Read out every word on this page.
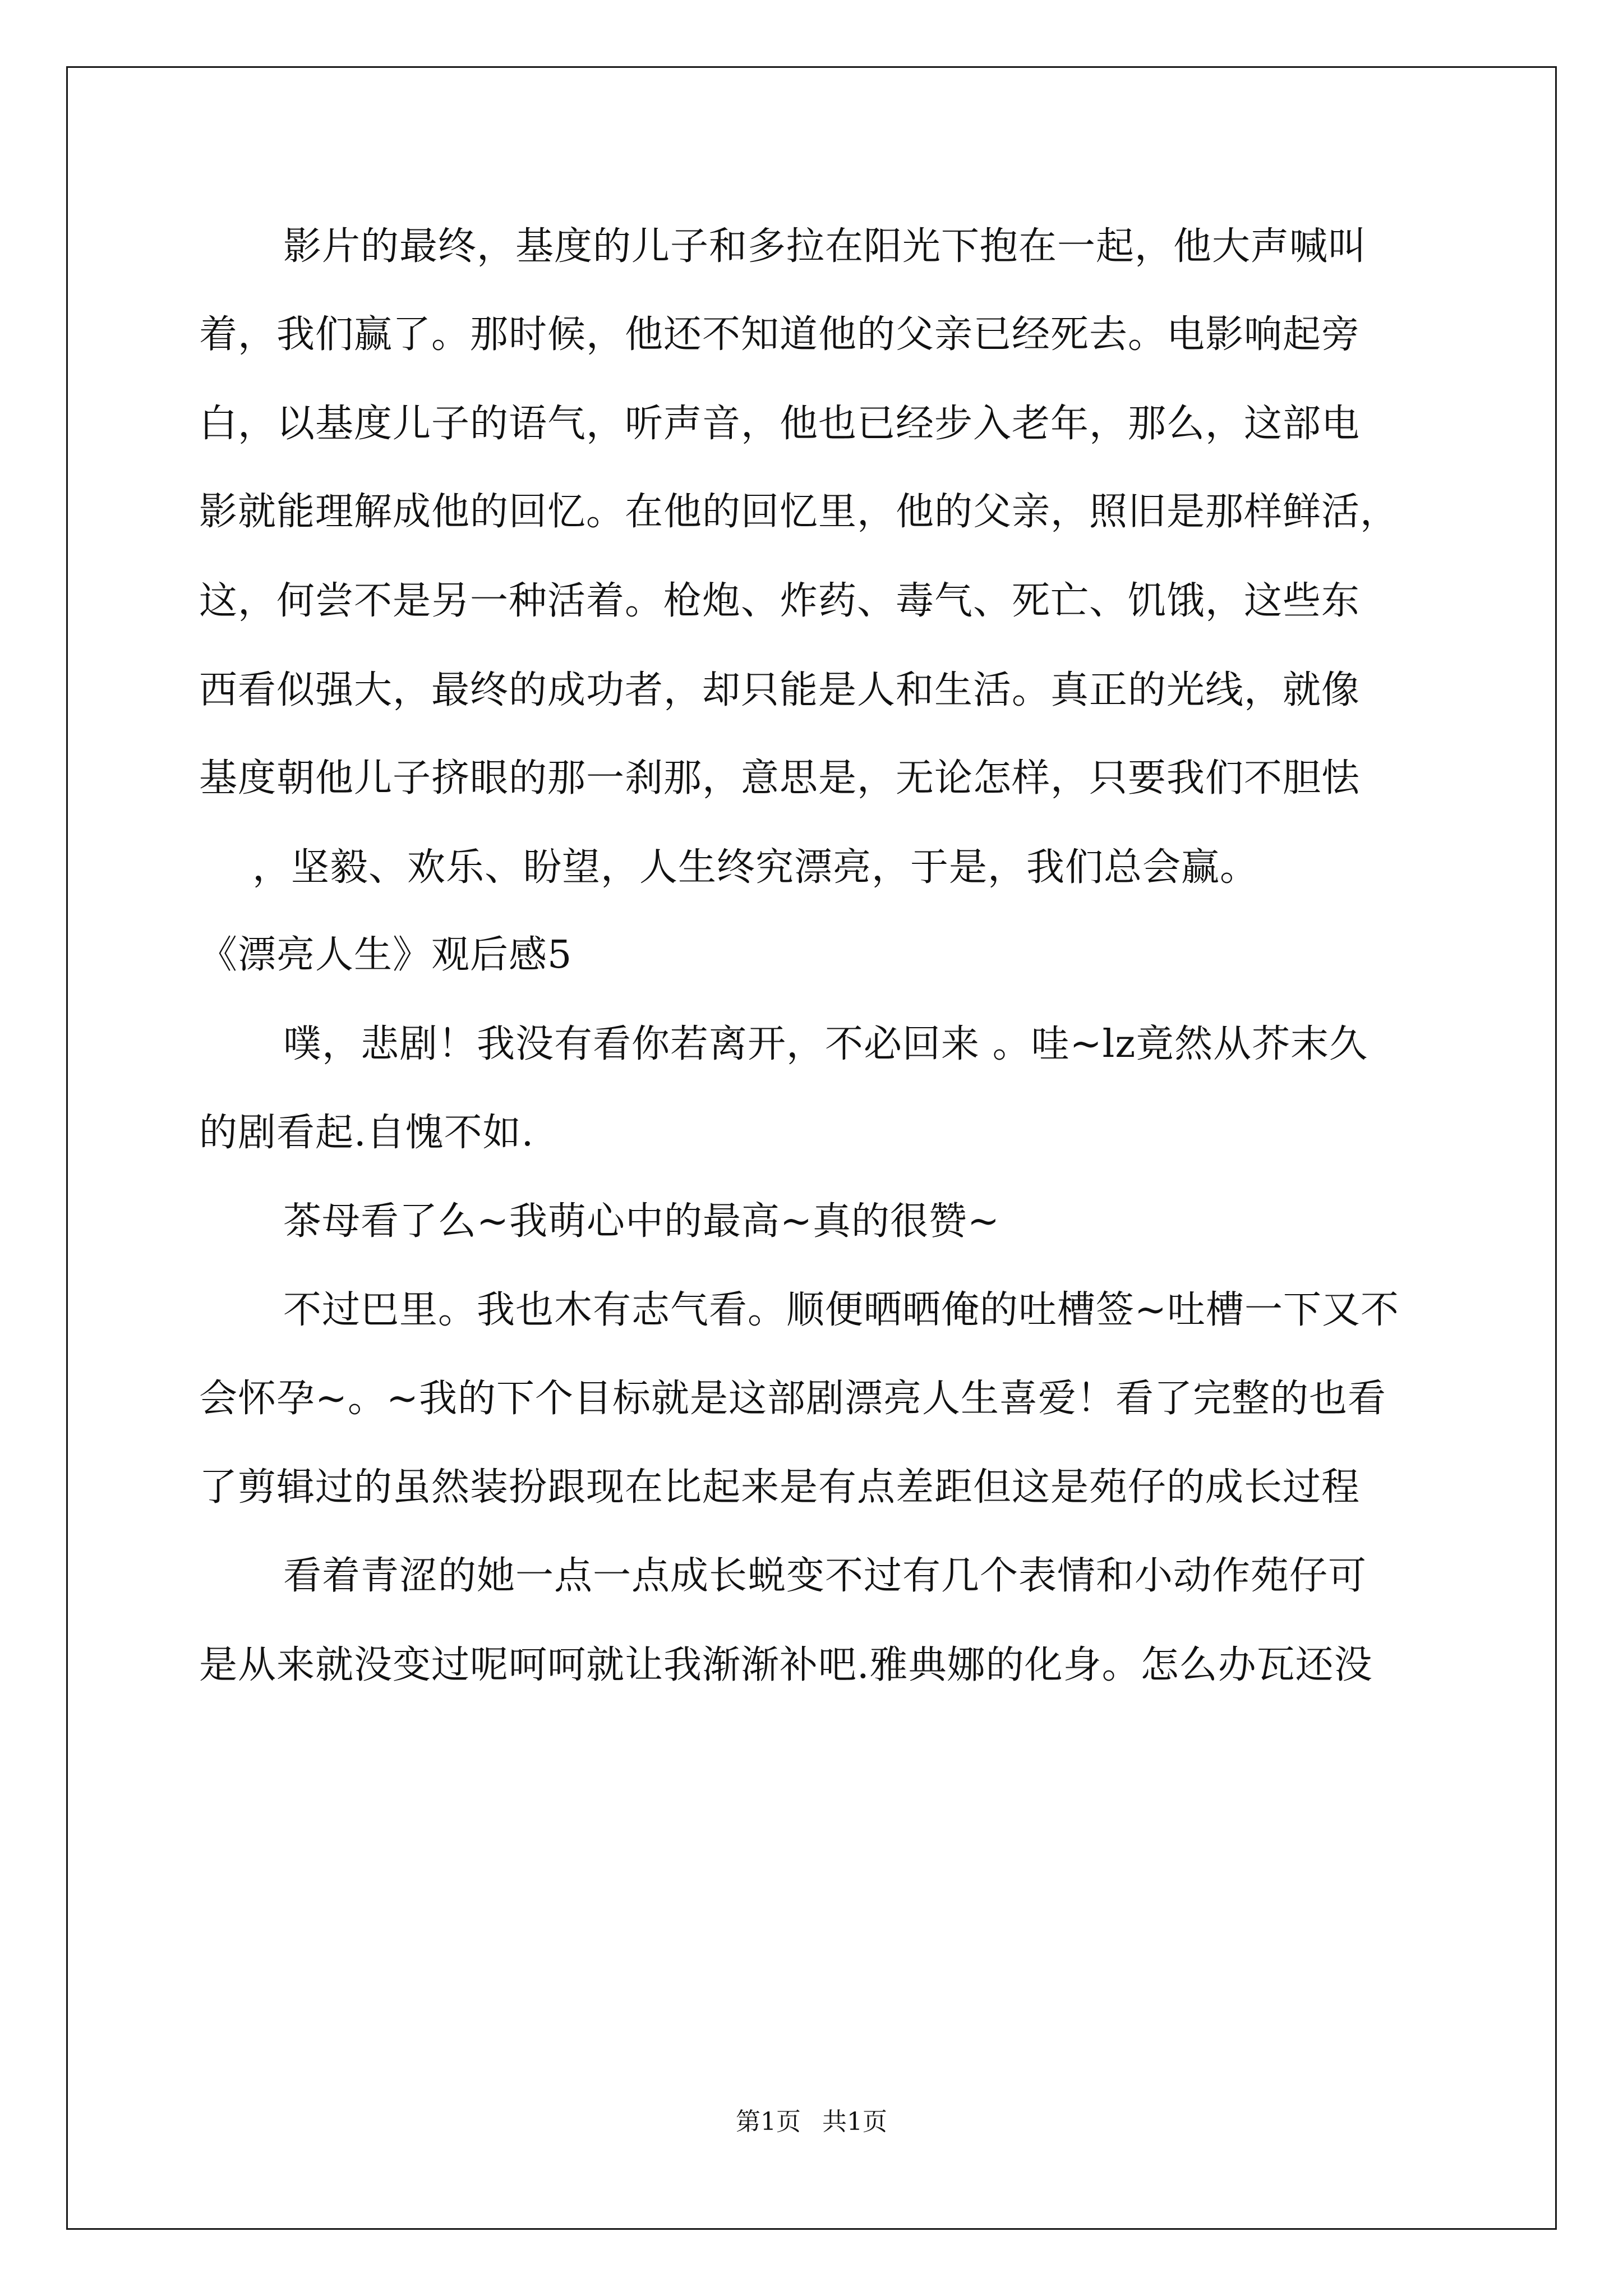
影片的最终，基度的儿子和多拉在阳光下抱在一起，他大声喊叫
着，我们赢了。那时候，他还不知道他的父亲已经死去。电影响起旁
白，以基度儿子的语气，听声音，他也已经步入老年，那么，这部电
影就能理解成他的回忆。在他的回忆里，他的父亲，照旧是那样鲜活，
这，何尝不是另一种活着。枪炮、炸药、毒气、死亡、饥饿，这些东
西看似强大，最终的成功者，却只能是人和生活。真正的光线，就像
基度朝他儿子挤眼的那一刹那，意思是，无论怎样，只要我们不胆怯
，坚毅、欢乐、盼望，人生终究漂亮，于是，我们总会赢。
《漂亮人生》观后感5
噗，悲剧！我没有看你若离开，不必回来 。哇~lz竟然从芥末久
的剧看起.自愧不如.
茶母看了么~我萌心中的最高~真的很赞~
不过巴里。我也木有志气看。顺便晒晒俺的吐槽签~吐槽一下又不
会怀孕~。~我的下个目标就是这部剧漂亮人生喜爱！看了完整的也看
了剪辑过的虽然装扮跟现在比起来是有点差距但这是苑仔的成长过程
看着青涩的她一点一点成长蜕变不过有几个表情和小动作苑仔可
是从来就没变过呢呵呵就让我渐渐补吧.雅典娜的化身。怎么办瓦还没
第1页 共1页
